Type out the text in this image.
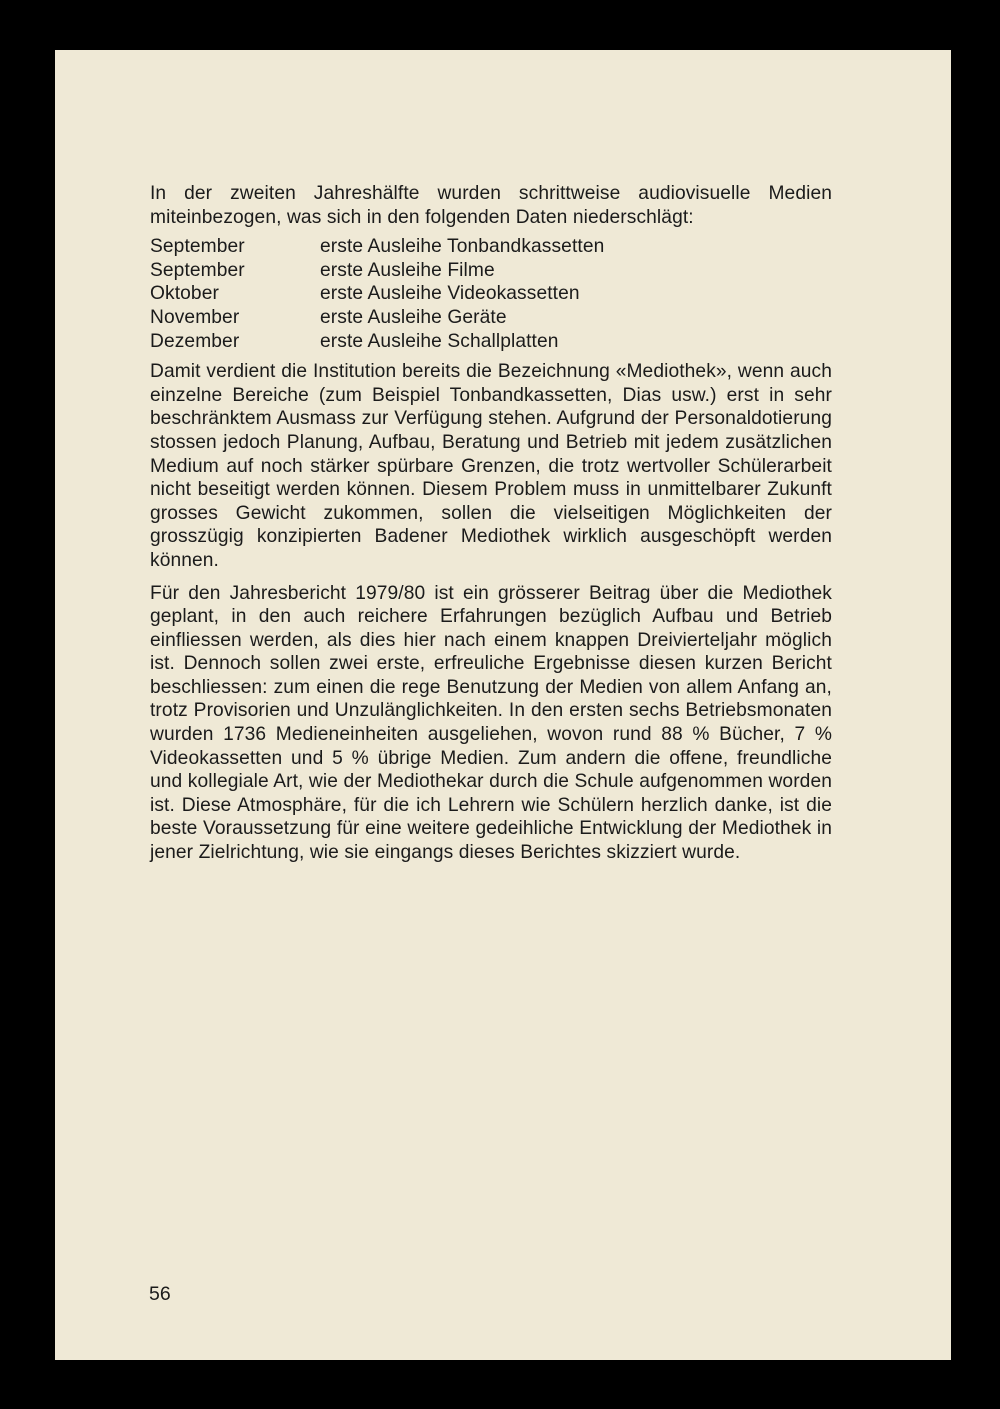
In der zweiten Jahreshälfte wurden schrittweise audiovisuelle Medien miteinbezogen, was sich in den folgenden Daten niederschlägt:

September	erste Ausleihe Tonbandkassetten
September	erste Ausleihe Filme
Oktober	erste Ausleihe Videokassetten
November	erste Ausleihe Geräte
Dezember	erste Ausleihe Schallplatten

Damit verdient die Institution bereits die Bezeichnung «Mediothek», wenn auch einzelne Bereiche (zum Beispiel Tonbandkassetten, Dias usw.) erst in sehr beschränktem Ausmass zur Verfügung stehen. Aufgrund der Personaldotierung stossen jedoch Planung, Aufbau, Beratung und Betrieb mit jedem zusätzlichen Medium auf noch stärker spürbare Grenzen, die trotz wertvoller Schülerarbeit nicht beseitigt werden können. Diesem Problem muss in unmittelbarer Zukunft grosses Gewicht zukommen, sollen die vielseitigen Möglichkeiten der grosszügig konzipierten Badener Mediothek wirklich ausgeschöpft werden können.

Für den Jahresbericht 1979/80 ist ein grösserer Beitrag über die Mediothek geplant, in den auch reichere Erfahrungen bezüglich Aufbau und Betrieb einfliessen werden, als dies hier nach einem knappen Dreivierteljahr möglich ist. Dennoch sollen zwei erste, erfreuliche Ergebnisse diesen kurzen Bericht beschliessen: zum einen die rege Benutzung der Medien von allem Anfang an, trotz Provisorien und Unzulänglichkeiten. In den ersten sechs Betriebsmonaten wurden 1736 Medieneinheiten ausgeliehen, wovon rund 88 % Bücher, 7 % Videokassetten und 5 % übrige Medien. Zum andern die offene, freundliche und kollegiale Art, wie der Mediothekar durch die Schule aufgenommen worden ist. Diese Atmosphäre, für die ich Lehrern wie Schülern herzlich danke, ist die beste Voraussetzung für eine weitere gedeihliche Entwicklung der Mediothek in jener Zielrichtung, wie sie eingangs dieses Berichtes skizziert wurde.

56
